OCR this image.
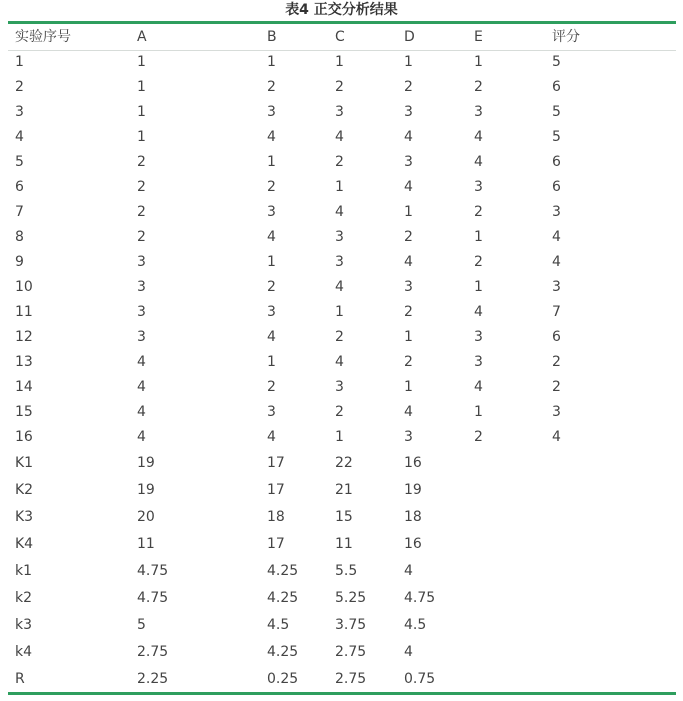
表4 正交分析结果
实验序号	A	B	C	D	E	评分
1	1	1	1	1	1	5
2	1	2	2	2	2	6
3	1	3	3	3	3	5
4	1	4	4	4	4	5
5	2	1	2	3	4	6
6	2	2	1	4	3	6
7	2	3	4	1	2	3
8	2	4	3	2	1	4
9	3	1	3	4	2	4
10	3	2	4	3	1	3
11	3	3	1	2	4	7
12	3	4	2	1	3	6
13	4	1	4	2	3	2
14	4	2	3	1	4	2
15	4	3	2	4	1	3
16	4	4	1	3	2	4
K1	19	17	22	16
K2	19	17	21	19
K3	20	18	15	18
K4	11	17	11	16
k1	4.75	4.25	5.5	4
k2	4.75	4.25	5.25	4.75
k3	5	4.5	3.75	4.5
k4	2.75	4.25	2.75	4
R	2.25	0.25	2.75	0.75
